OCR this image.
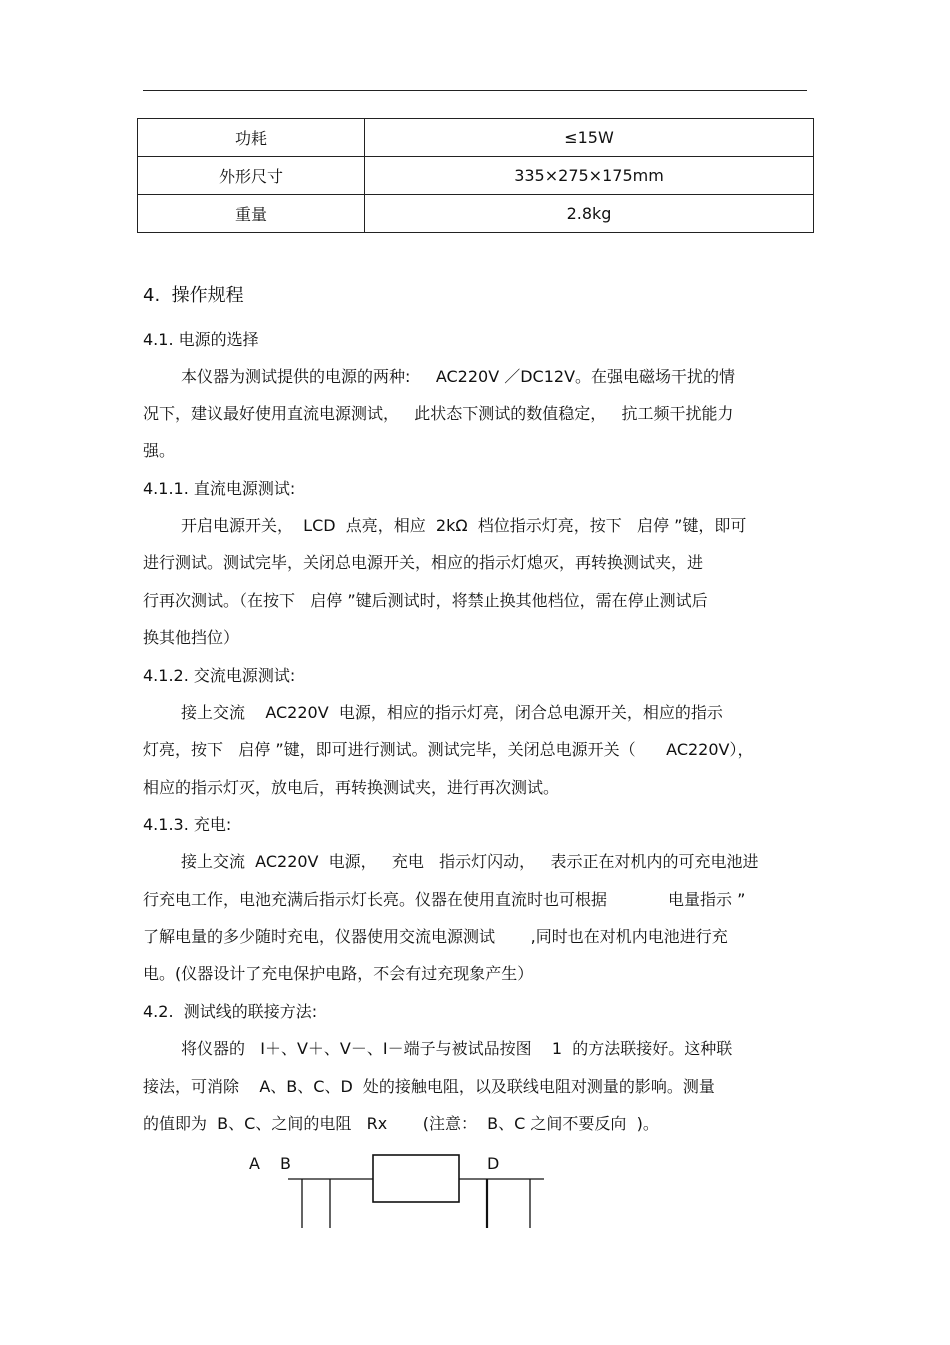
功耗	≤15W
外形尺寸	335×275×175mm
重量	2.8kg
4.  操作规程
4.1. 电源的选择
本仪器为测试提供的电源的两种:     AC220V ／DC12V。在强电磁场干扰的情
况下，建议最好使用直流电源测试，   此状态下测试的数值稳定，   抗工频干扰能力
强。
4.1.1. 直流电源测试:
开启电源开关，  LCD  点亮，相应  2kΩ  档位指示灯亮，按下   启停 ”键，即可
进行测试。测试完毕，关闭总电源开关，相应的指示灯熄灭，再转换测试夹，进
行再次测试。（在按下   启停 ”键后测试时，将禁止换其他档位，需在停止测试后
换其他挡位）
4.1.2. 交流电源测试:
接上交流    AC220V  电源，相应的指示灯亮，闭合总电源开关，相应的指示
灯亮，按下   启停 ”键，即可进行测试。测试完毕，关闭总电源开关（      AC220V），
相应的指示灯灭，放电后，再转换测试夹，进行再次测试。
4.1.3. 充电:
接上交流  AC220V  电源，   充电   指示灯闪动，   表示正在对机内的可充电池进
行充电工作，电池充满后指示灯长亮。仪器在使用直流时也可根据            电量指示 ”
了解电量的多少随时充电，仪器使用交流电源测试       ,同时也在对机内电池进行充
电。(仪器设计了充电保护电路，不会有过充现象产生）
4.2.  测试线的联接方法:
将仪器的   I＋、V＋、V－、I－端子与被试品按图    1  的方法联接好。这种联
接法，可消除    A、B、C、D  处的接触电阻，以及联线电阻对测量的影响。测量
的值即为  B、C、之间的电阻   Rx       (注意：  B、C 之间不要反向  )。
A B	D
